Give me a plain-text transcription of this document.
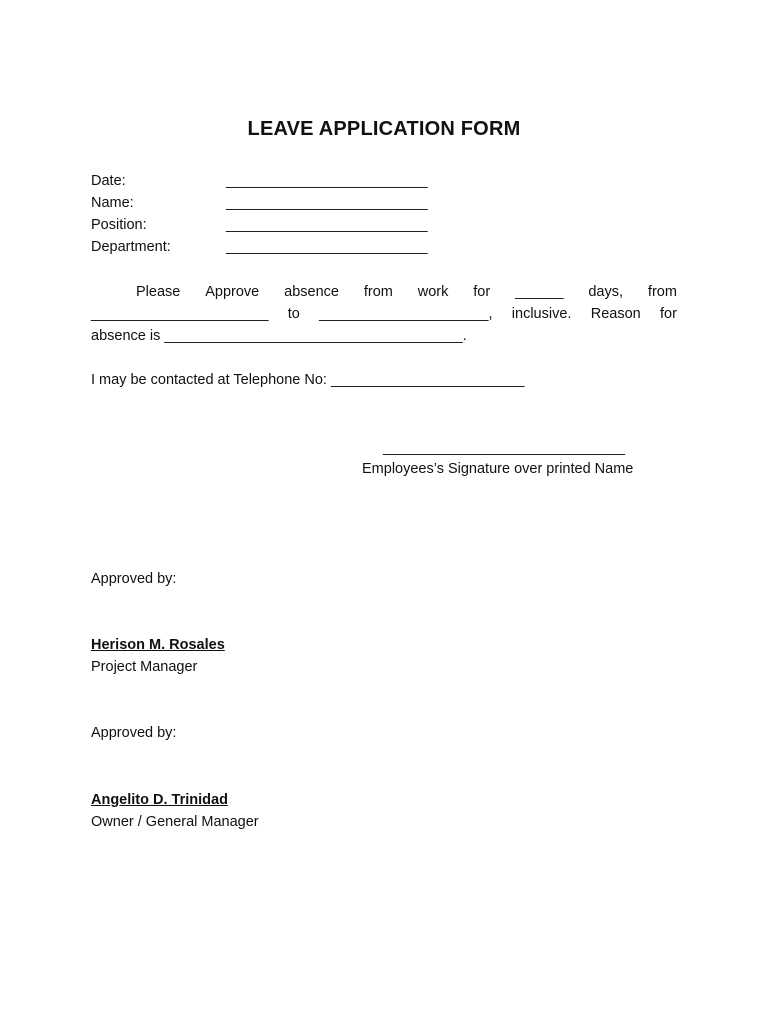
LEAVE APPLICATION FORM
Date:	_________________________
Name:	_________________________
Position:	_________________________
Department:	_________________________
Please Approve absence from work for ______ days, from
______________________ to _____________________, inclusive. Reason for
absence is _____________________________________.
I may be contacted at Telephone No: ________________________
______________________________
Employees’s Signature over printed Name
Approved by:
Herison M. Rosales
Project Manager
Approved by:
Angelito D. Trinidad
Owner / General Manager
